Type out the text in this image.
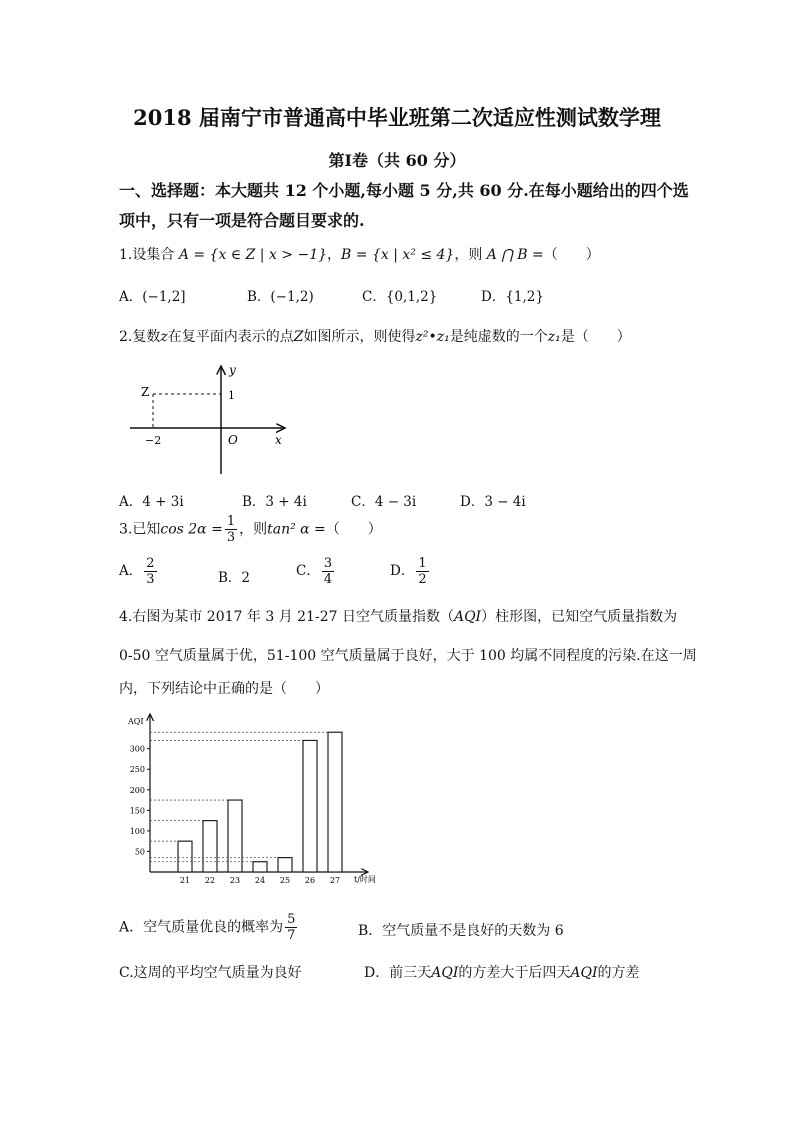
2018 届南宁市普通高中毕业班第二次适应性测试数学理
第Ⅰ卷（共 60 分）
一、选择题：本大题共 12 个小题,每小题 5 分,共 60 分.在每小题给出的四个选
项中，只有一项是符合题目要求的.
1.设集合 A = {x ∈ Z | x > −1}，B = {x | x² ≤ 4}，则 A ⋂ B =（　　）
A．(−1,2]	B．(−1,2)	C．{0,1,2}	D．{1,2}
2.复数z在复平面内表示的点Z如图所示，则使得z²•z₁是纯虚数的一个z₁是（　　）
Z
y
1
−2	O	x
A．4 + 3i	B．3 + 4i	C．4 − 3i	D．3 − 4i
3.已知$\cos 2\alpha = \frac{1}{3}$ ，则tan² α =（　　）
A． $\frac{2}{3}$	B．2	C． $\frac{3}{4}$	D． $\frac{1}{2}$
4.右图为某市 2017 年 3 月 21-27 日空气质量指数（AQI）柱形图，已知空气质量指数为
0-50 空气质量属于优，51-100 空气质量属于良好，大于 100 均属不同程度的污染.在这一周
内，下列结论中正确的是（　　）
AQI
t/时间
50
100
150
200
250
300
21 22 23 24 25 26 27
A．空气质量优良的概率为 $\frac{5}{7}$	B．空气质量不是良好的天数为 6
C.这周的平均空气质量为良好	D．前三天AQI的方差大于后四天AQI的方差
